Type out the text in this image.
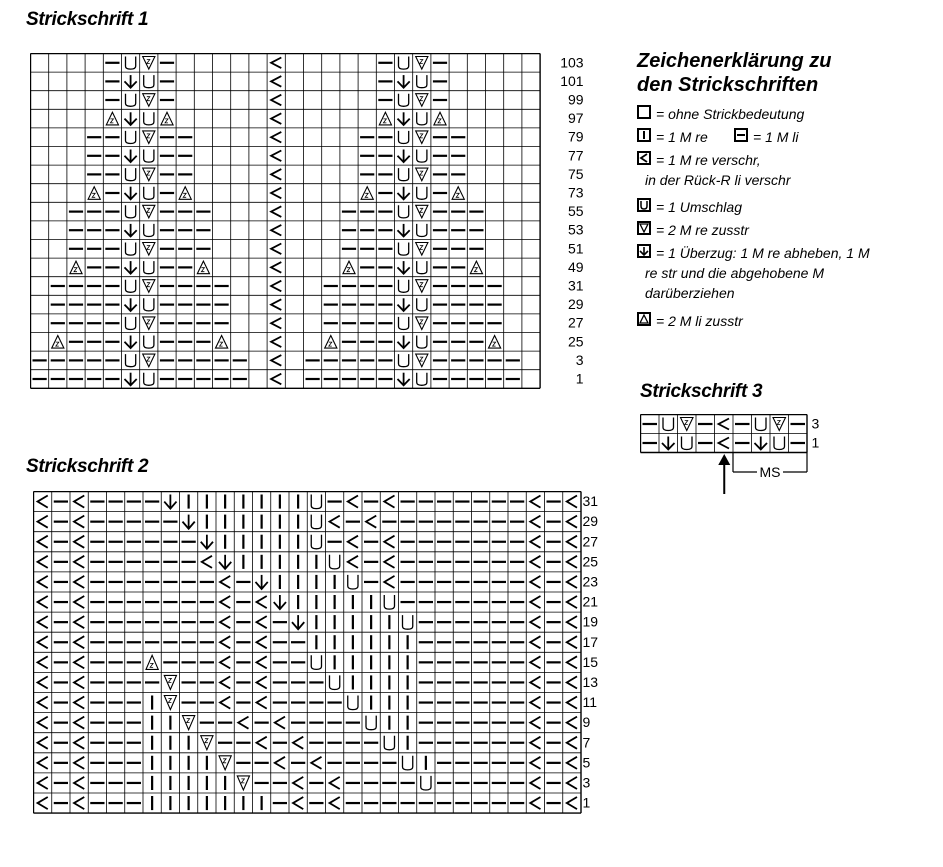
Strickschrift 1
Strickschrift 2
Strickschrift 3
103
101
99
97
79
77
75
73
55
53
51
49
31
29
27
25
3
1
31
29
27
25
23
21
19
17
15
13
11
9
7
5
3
1
3
1
MS
Zeichenerklärung zu
den Strickschriften
= ohne Strickbedeutung
= 1 M re	= 1 M li
= 1 M re verschr,
in der Rück-R li verschr
= 1 Umschlag
= 2 M re zusstr
= 1 Überzug: 1 M re abheben, 1 M
re str und die abgehobene M
darüberziehen
= 2 M li zusstr
